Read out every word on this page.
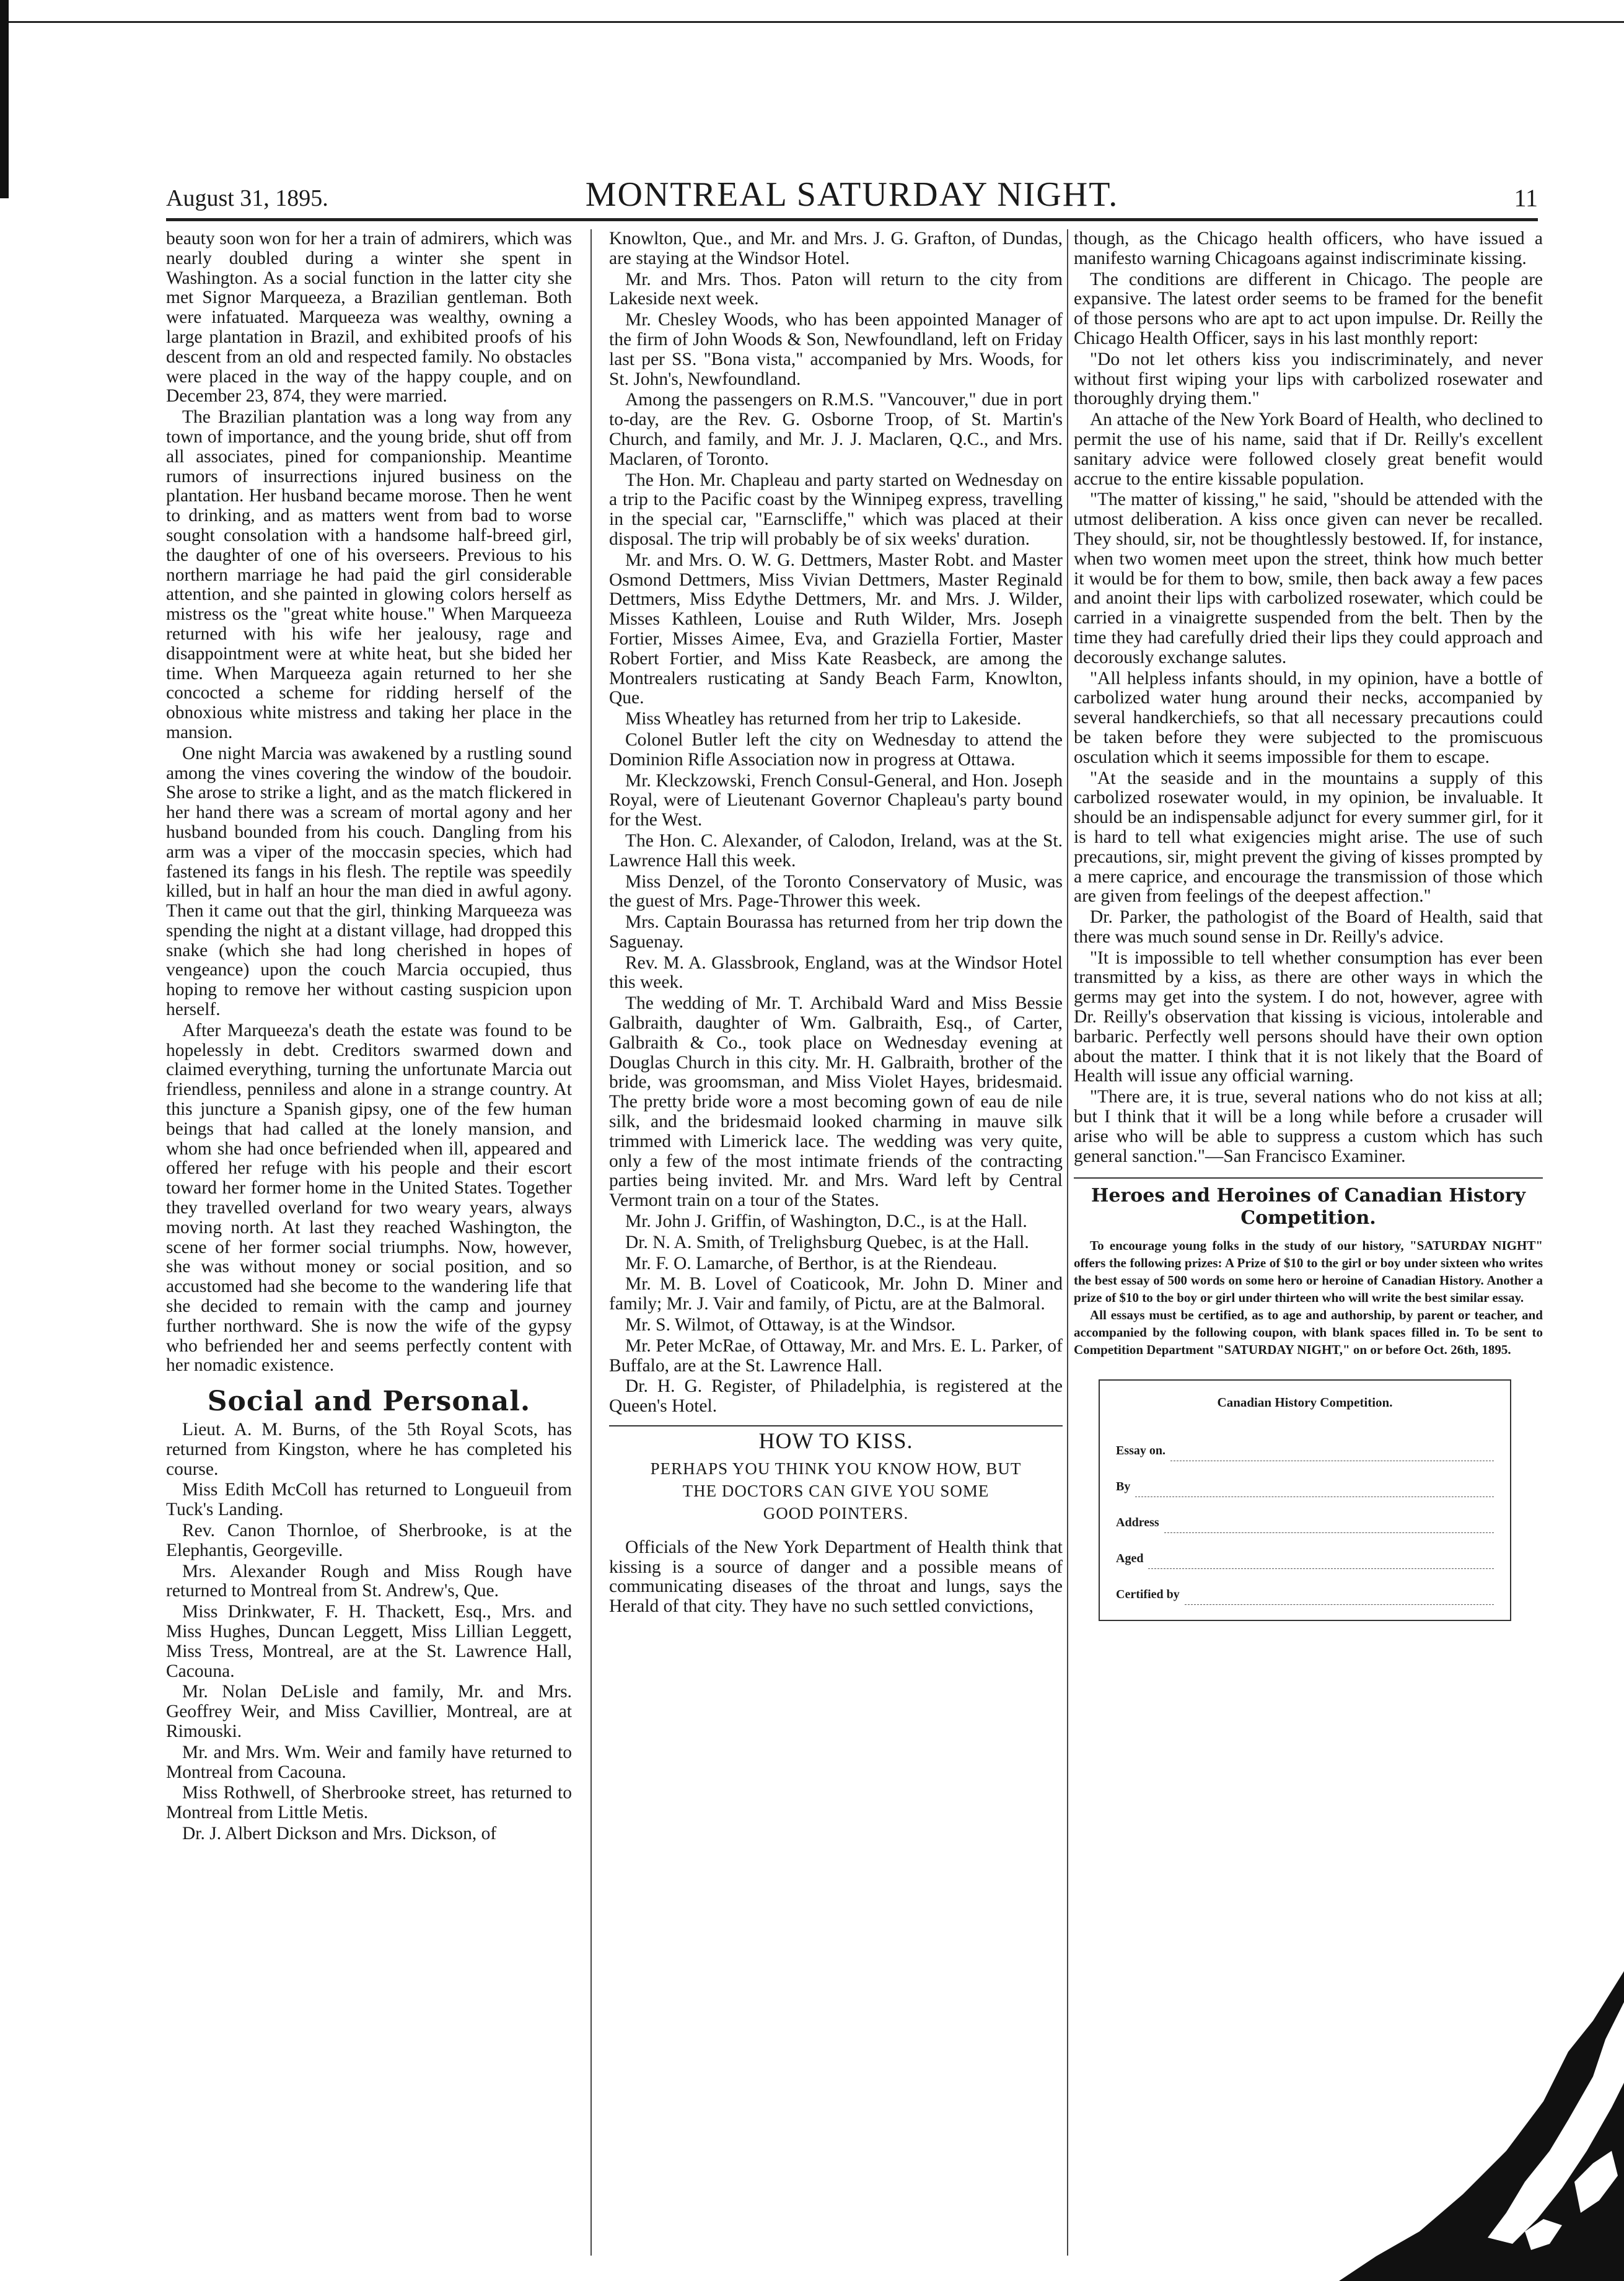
August 31, 1895.	MONTREAL SATURDAY NIGHT.	11

beauty soon won for her a train of admirers, which was nearly doubled during a winter she spent in Washington. As a social function in the latter city she met Signor Marqueeza, a Brazilian gentleman. Both were infatuated. Marqueeza was wealthy, owning a large plantation in Brazil, and exhibited proofs of his descent from an old and respected family. No obstacles were placed in the way of the happy couple, and on December 23, 874, they were married.

The Brazilian plantation was a long way from any town of importance, and the young bride, shut off from all associates, pined for companionship. Meantime rumors of insurrections injured business on the plantation. Her husband became morose. Then he went to drinking, and as matters went from bad to worse sought consolation with a handsome half-breed girl, the daughter of one of his overseers. Previous to his northern marriage he had paid the girl considerable attention, and she painted in glowing colors herself as mistress os the "great white house." When Marqueeza returned with his wife her jealousy, rage and disappointment were at white heat, but she bided her time. When Marqueeza again returned to her she concocted a scheme for ridding herself of the obnoxious white mistress and taking her place in the mansion.

One night Marcia was awakened by a rustling sound among the vines covering the window of the boudoir. She arose to strike a light, and as the match flickered in her hand there was a scream of mortal agony and her husband bounded from his couch. Dangling from his arm was a viper of the moccasin species, which had fastened its fangs in his flesh. The reptile was speedily killed, but in half an hour the man died in awful agony. Then it came out that the girl, thinking Marqueeza was spending the night at a distant village, had dropped this snake (which she had long cherished in hopes of vengeance) upon the couch Marcia occupied, thus hoping to remove her without casting suspicion upon herself.

After Marqueeza's death the estate was found to be hopelessly in debt. Creditors swarmed down and claimed everything, turning the unfortunate Marcia out friendless, penniless and alone in a strange country. At this juncture a Spanish gipsy, one of the few human beings that had called at the lonely mansion, and whom she had once befriended when ill, appeared and offered her refuge with his people and their escort toward her former home in the United States. Together they travelled overland for two weary years, always moving north. At last they reached Washington, the scene of her former social triumphs. Now, however, she was without money or social position, and so accustomed had she become to the wandering life that she decided to remain with the camp and journey further northward. She is now the wife of the gypsy who befriended her and seems perfectly content with her nomadic existence.

Social and Personal.

Lieut. A. M. Burns, of the 5th Royal Scots, has returned from Kingston, where he has completed his course.

Miss Edith McColl has returned to Longueuil from Tuck's Landing.

Rev. Canon Thornloe, of Sherbrooke, is at the Elephantis, Georgeville.

Mrs. Alexander Rough and Miss Rough have returned to Montreal from St. Andrew's, Que.

Miss Drinkwater, F. H. Thackett, Esq., Mrs. and Miss Hughes, Duncan Leggett, Miss Lillian Leggett, Miss Tress, Montreal, are at the St. Lawrence Hall, Cacouna.

Mr. Nolan DeLisle and family, Mr. and Mrs. Geoffrey Weir, and Miss Cavillier, Montreal, are at Rimouski.

Mr. and Mrs. Wm. Weir and family have returned to Montreal from Cacouna.

Miss Rothwell, of Sherbrooke street, has returned to Montreal from Little Metis.

Dr. J. Albert Dickson and Mrs. Dickson, of

Knowlton, Que., and Mr. and Mrs. J. G. Grafton, of Dundas, are staying at the Windsor Hotel.

Mr. and Mrs. Thos. Paton will return to the city from Lakeside next week.

Mr. Chesley Woods, who has been appointed Manager of the firm of John Woods & Son, Newfoundland, left on Friday last per SS. "Bona vista," accompanied by Mrs. Woods, for St. John's, Newfoundland.

Among the passengers on R.M.S. "Vancouver," due in port to-day, are the Rev. G. Osborne Troop, of St. Martin's Church, and family, and Mr. J. J. Maclaren, Q.C., and Mrs. Maclaren, of Toronto.

The Hon. Mr. Chapleau and party started on Wednesday on a trip to the Pacific coast by the Winnipeg express, travelling in the special car, "Earnscliffe," which was placed at their disposal. The trip will probably be of six weeks' duration.

Mr. and Mrs. O. W. G. Dettmers, Master Robt. and Master Osmond Dettmers, Miss Vivian Dettmers, Master Reginald Dettmers, Miss Edythe Dettmers, Mr. and Mrs. J. Wilder, Misses Kathleen, Louise and Ruth Wilder, Mrs. Joseph Fortier, Misses Aimee, Eva, and Graziella Fortier, Master Robert Fortier, and Miss Kate Reasbeck, are among the Montrealers rusticating at Sandy Beach Farm, Knowlton, Que.

Miss Wheatley has returned from her trip to Lakeside.

Colonel Butler left the city on Wednesday to attend the Dominion Rifle Association now in progress at Ottawa.

Mr. Kleckzowski, French Consul-General, and Hon. Joseph Royal, were of Lieutenant Governor Chapleau's party bound for the West.

The Hon. C. Alexander, of Calodon, Ireland, was at the St. Lawrence Hall this week.

Miss Denzel, of the Toronto Conservatory of Music, was the guest of Mrs. Page-Thrower this week.

Mrs. Captain Bourassa has returned from her trip down the Saguenay.

Rev. M. A. Glassbrook, England, was at the Windsor Hotel this week.

The wedding of Mr. T. Archibald Ward and Miss Bessie Galbraith, daughter of Wm. Galbraith, Esq., of Carter, Galbraith & Co., took place on Wednesday evening at Douglas Church in this city. Mr. H. Galbraith, brother of the bride, was groomsman, and Miss Violet Hayes, bridesmaid. The pretty bride wore a most becoming gown of eau de nile silk, and the bridesmaid looked charming in mauve silk trimmed with Limerick lace. The wedding was very quite, only a few of the most intimate friends of the contracting parties being invited. Mr. and Mrs. Ward left by Central Vermont train on a tour of the States.

Mr. John J. Griffin, of Washington, D.C., is at the Hall.

Dr. N. A. Smith, of Trelighsburg Quebec, is at the Hall.

Mr. F. O. Lamarche, of Berthor, is at the Riendeau.

Mr. M. B. Lovel of Coaticook, Mr. John D. Miner and family; Mr. J. Vair and family, of Pictu, are at the Balmoral.

Mr. S. Wilmot, of Ottaway, is at the Windsor.

Mr. Peter McRae, of Ottaway, Mr. and Mrs. E. L. Parker, of Buffalo, are at the St. Lawrence Hall.

Dr. H. G. Register, of Philadelphia, is registered at the Queen's Hotel.

HOW TO KISS.
PERHAPS YOU THINK YOU KNOW HOW, BUT
THE DOCTORS CAN GIVE YOU SOME
GOOD POINTERS.

Officials of the New York Department of Health think that kissing is a source of danger and a possible means of communicating diseases of the throat and lungs, says the Herald of that city. They have no such settled convictions,

though, as the Chicago health officers, who have issued a manifesto warning Chicagoans against indiscriminate kissing.

The conditions are different in Chicago. The people are expansive. The latest order seems to be framed for the benefit of those persons who are apt to act upon impulse. Dr. Reilly the Chicago Health Officer, says in his last monthly report:

"Do not let others kiss you indiscriminately, and never without first wiping your lips with carbolized rosewater and thoroughly drying them."

An attache of the New York Board of Health, who declined to permit the use of his name, said that if Dr. Reilly's excellent sanitary advice were followed closely great benefit would accrue to the entire kissable population.

"The matter of kissing," he said, "should be attended with the utmost deliberation. A kiss once given can never be recalled. They should, sir, not be thoughtlessly bestowed. If, for instance, when two women meet upon the street, think how much better it would be for them to bow, smile, then back away a few paces and anoint their lips with carbolized rosewater, which could be carried in a vinaigrette suspended from the belt. Then by the time they had carefully dried their lips they could approach and decorously exchange salutes.

"All helpless infants should, in my opinion, have a bottle of carbolized water hung around their necks, accompanied by several handkerchiefs, so that all necessary precautions could be taken before they were subjected to the promiscuous osculation which it seems impossible for them to escape.

"At the seaside and in the mountains a supply of this carbolized rosewater would, in my opinion, be invaluable. It should be an indispensable adjunct for every summer girl, for it is hard to tell what exigencies might arise. The use of such precautions, sir, might prevent the giving of kisses prompted by a mere caprice, and encourage the transmission of those which are given from feelings of the deepest affection."

Dr. Parker, the pathologist of the Board of Health, said that there was much sound sense in Dr. Reilly's advice.

"It is impossible to tell whether consumption has ever been transmitted by a kiss, as there are other ways in which the germs may get into the system. I do not, however, agree with Dr. Reilly's observation that kissing is vicious, intolerable and barbaric. Perfectly well persons should have their own option about the matter. I think that it is not likely that the Board of Health will issue any official warning.

"There are, it is true, several nations who do not kiss at all; but I think that it will be a long while before a crusader will arise who will be able to suppress a custom which has such general sanction."—San Francisco Examiner.

Heroes and Heroines of Canadian History Competition.

To encourage young folks in the study of our history, "SATURDAY NIGHT" offers the following prizes: A Prize of $10 to the girl or boy under sixteen who writes the best essay of 500 words on some hero or heroine of Canadian History. Another a prize of $10 to the boy or girl under thirteen who will write the best similar essay.

All essays must be certified, as to age and authorship, by parent or teacher, and accompanied by the following coupon, with blank spaces filled in. To be sent to Competition Department "SATURDAY NIGHT," on or before Oct. 26th, 1895.

Canadian History Competition.
Essay on.
By
Address
Aged
Certified by
